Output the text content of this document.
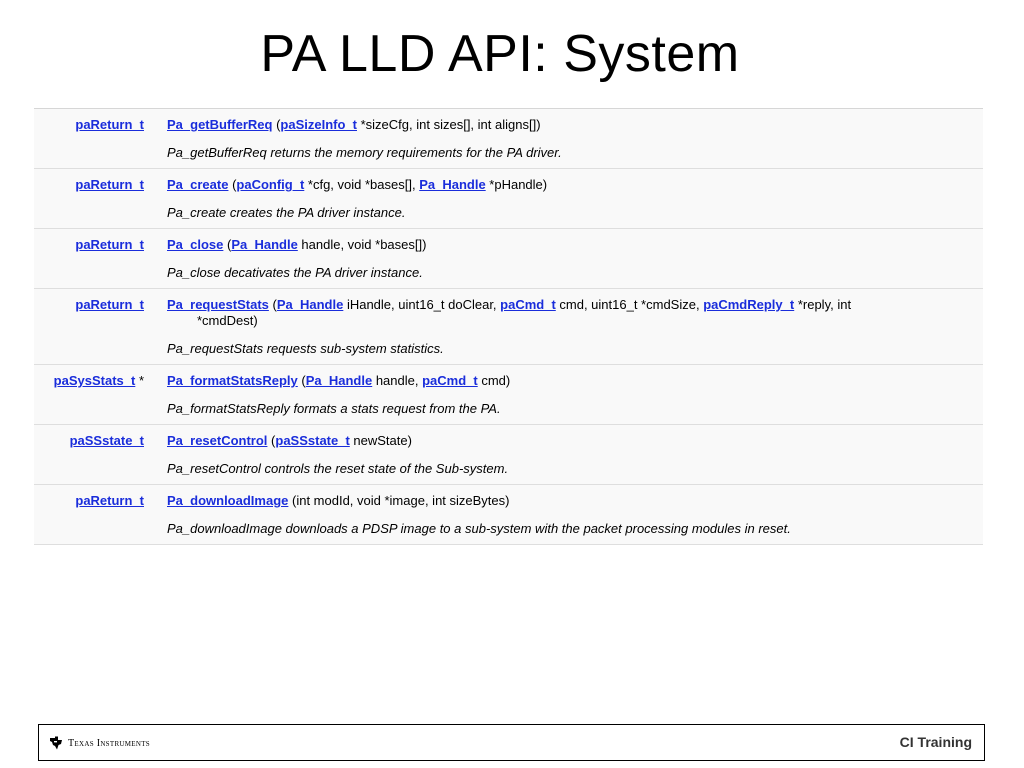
PA LLD API: System
paReturn_t Pa_getBufferReq (paSizeInfo_t *sizeCfg, int sizes[], int aligns[])
Pa_getBufferReq returns the memory requirements for the PA driver.
paReturn_t Pa_create (paConfig_t *cfg, void *bases[], Pa_Handle *pHandle)
Pa_create creates the PA driver instance.
paReturn_t Pa_close (Pa_Handle handle, void *bases[])
Pa_close decativates the PA driver instance.
paReturn_t Pa_requestStats (Pa_Handle iHandle, uint16_t doClear, paCmd_t cmd, uint16_t *cmdSize, paCmdReply_t *reply, int
*cmdDest)
Pa_requestStats requests sub-system statistics.
paSysStats_t * Pa_formatStatsReply (Pa_Handle handle, paCmd_t cmd)
Pa_formatStatsReply formats a stats request from the PA.
paSSstate_t Pa_resetControl (paSSstate_t newState)
Pa_resetControl controls the reset state of the Sub-system.
paReturn_t Pa_downloadImage (int modId, void *image, int sizeBytes)
Pa_downloadImage downloads a PDSP image to a sub-system with the packet processing modules in reset.
Texas Instruments	CI Training
